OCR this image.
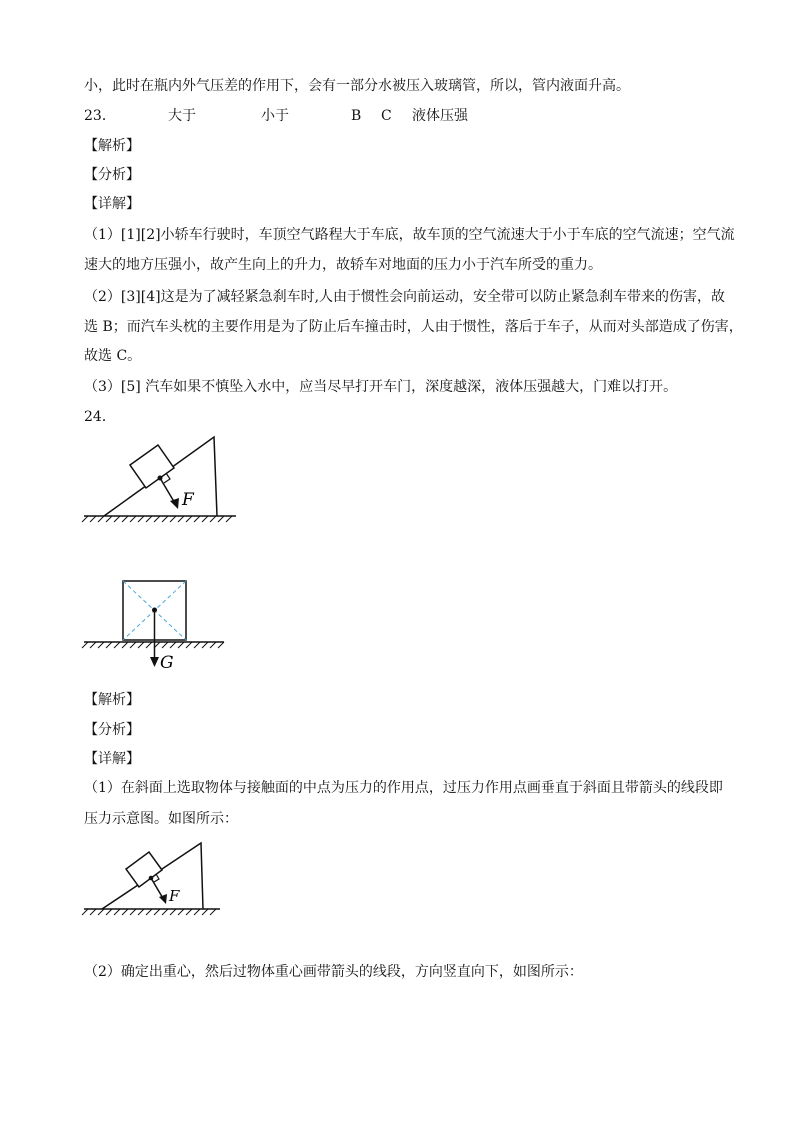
小，此时在瓶内外气压差的作用下，会有一部分水被压入玻璃管，所以，管内液面升高。
23．	大于	小于	B C 液体压强
【解析】
【分析】
【详解】
（1）[1][2]小轿车行驶时，车顶空气路程大于车底，故车顶的空气流速大于小于车底的空气流速；空气流
速大的地方压强小，故产生向上的升力，故轿车对地面的压力小于汽车所受的重力。
（2）[3][4]这是为了减轻紧急刹车时,人由于惯性会向前运动，安全带可以防止紧急刹车带来的伤害，故
选 B；而汽车头枕的主要作用是为了防止后车撞击时，人由于惯性，落后于车子，从而对头部造成了伤害，
故选 C。
（3）[5] 汽车如果不慎坠入水中，应当尽早打开车门，深度越深，液体压强越大，门难以打开。
24．
F
G
【解析】
【分析】
【详解】
（1）在斜面上选取物体与接触面的中点为压力的作用点，过压力作用点画垂直于斜面且带箭头的线段即
压力示意图。如图所示：
F
（2）确定出重心，然后过物体重心画带箭头的线段，方向竖直向下，如图所示：
